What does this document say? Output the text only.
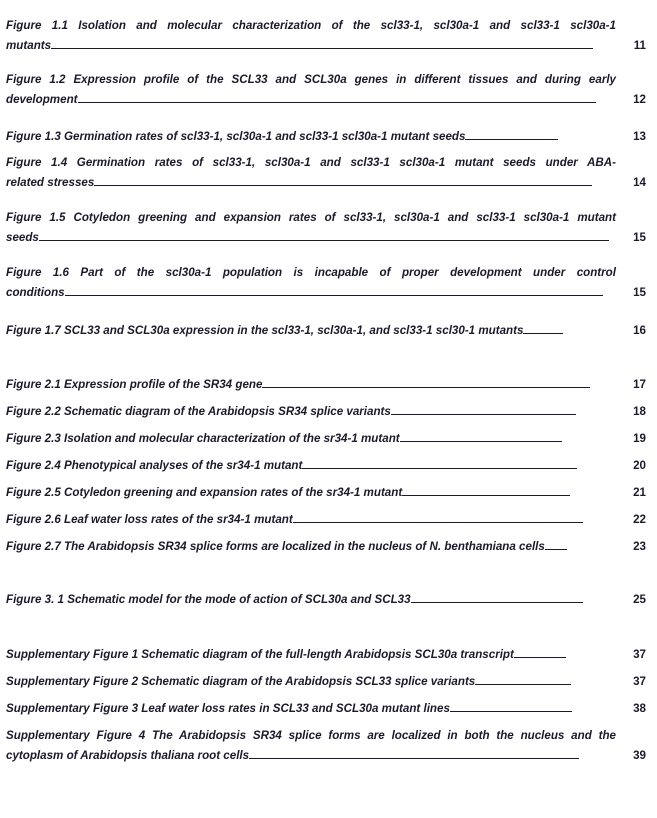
Figure 1.1 Isolation and molecular characterization of the scl33-1, scl30a-1 and scl33-1 scl30a-1
mutants	11
Figure 1.2 Expression profile of the SCL33 and SCL30a genes in different tissues and during early
development	12
Figure 1.3 Germination rates of scl33-1, scl30a-1 and scl33-1 scl30a-1 mutant seeds	13
Figure 1.4 Germination rates of scl33-1, scl30a-1 and scl33-1 scl30a-1 mutant seeds under ABA-
related stresses	14
Figure 1.5 Cotyledon greening and expansion rates of scl33-1, scl30a-1 and scl33-1 scl30a-1 mutant
seeds	15
Figure 1.6 Part of the scl30a-1 population is incapable of proper development under control
conditions	15
Figure 1.7 SCL33 and SCL30a expression in the scl33-1, scl30a-1, and scl33-1 scl30-1 mutants	16
Figure 2.1 Expression profile of the SR34 gene	17
Figure 2.2 Schematic diagram of the Arabidopsis SR34 splice variants	18
Figure 2.3 Isolation and molecular characterization of the sr34-1 mutant	19
Figure 2.4 Phenotypical analyses of the sr34-1 mutant	20
Figure 2.5 Cotyledon greening and expansion rates of the sr34-1 mutant	21
Figure 2.6 Leaf water loss rates of the sr34-1 mutant	22
Figure 2.7 The Arabidopsis SR34 splice forms are localized in the nucleus of N. benthamiana cells	23
Figure 3. 1 Schematic model for the mode of action of SCL30a and SCL33	25
Supplementary Figure 1 Schematic diagram of the full-length Arabidopsis SCL30a transcript	37
Supplementary Figure 2 Schematic diagram of the Arabidopsis SCL33 splice variants	37
Supplementary Figure 3 Leaf water loss rates in SCL33 and SCL30a mutant lines	38
Supplementary Figure 4 The Arabidopsis SR34 splice forms are localized in both the nucleus and the
cytoplasm of Arabidopsis thaliana root cells	39
